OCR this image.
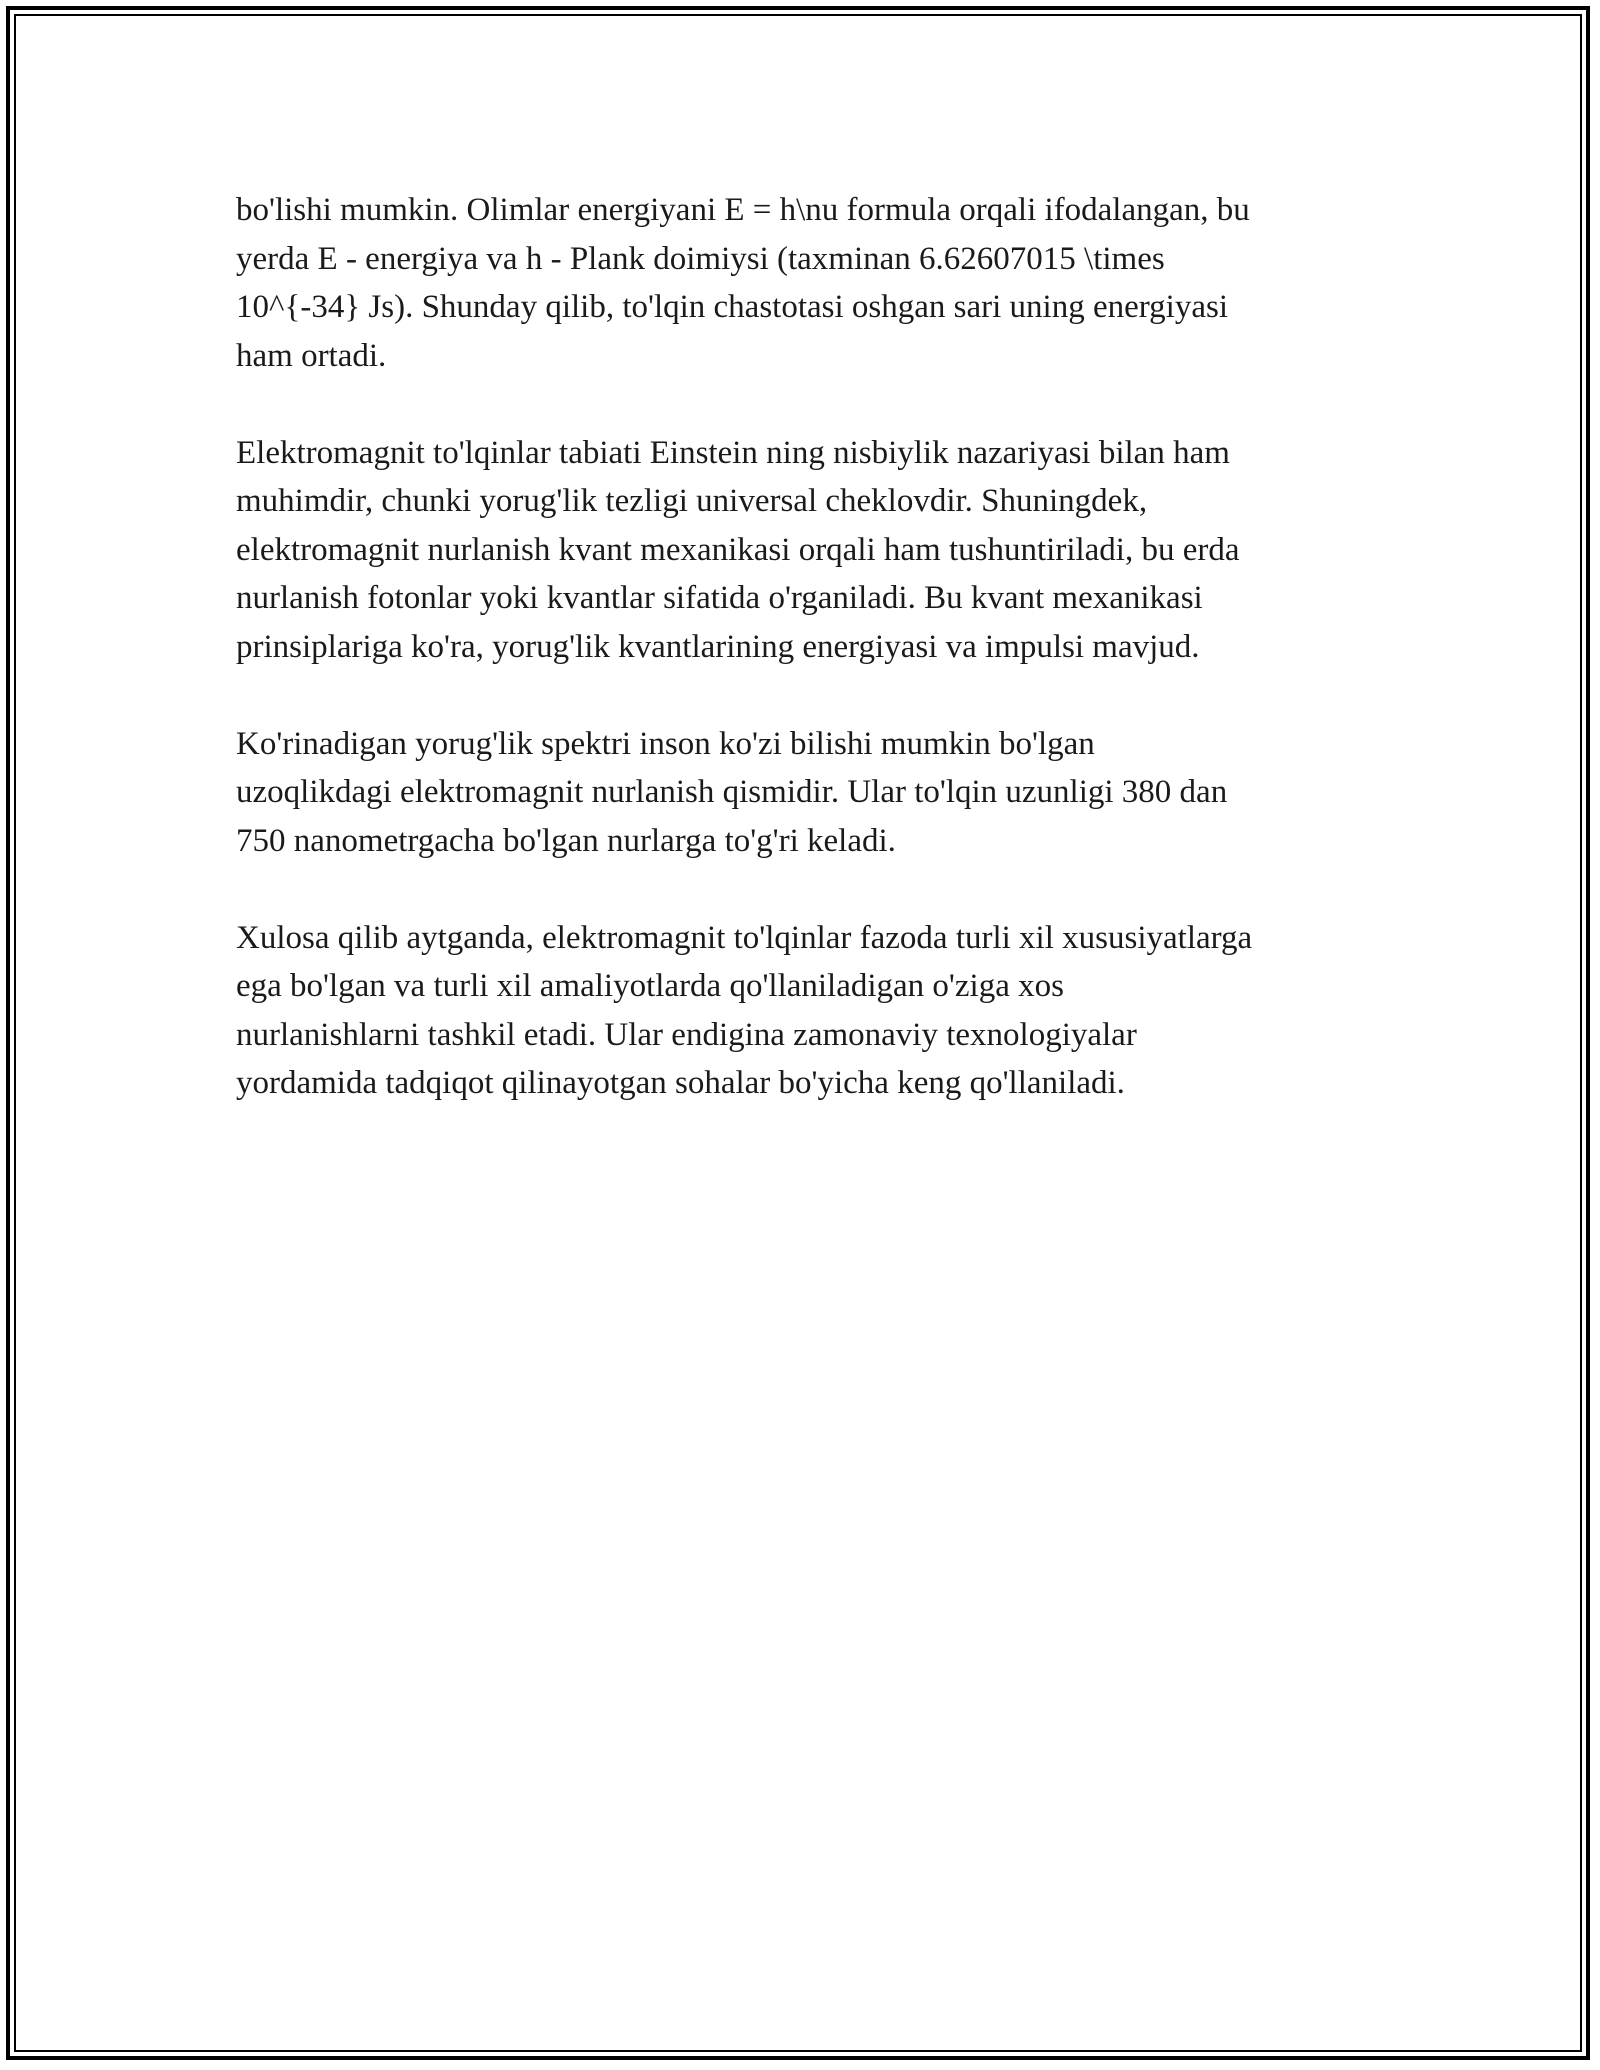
bo'lishi mumkin. Olimlar energiyani E = h\nu formula orqali ifodalangan, bu
yerda E - energiya va h - Plank doimiysi (taxminan 6.62607015 \times
10^{-34} Js). Shunday qilib, to'lqin chastotasi oshgan sari uning energiyasi
ham ortadi.

Elektromagnit to'lqinlar tabiati Einstein ning nisbiylik nazariyasi bilan ham
muhimdir, chunki yorug'lik tezligi universal cheklovdir. Shuningdek,
elektromagnit nurlanish kvant mexanikasi orqali ham tushuntiriladi, bu erda
nurlanish fotonlar yoki kvantlar sifatida o'rganiladi. Bu kvant mexanikasi
prinsiplariga ko'ra, yorug'lik kvantlarining energiyasi va impulsi mavjud.

Ko'rinadigan yorug'lik spektri inson ko'zi bilishi mumkin bo'lgan
uzoqlikdagi elektromagnit nurlanish qismidir. Ular to'lqin uzunligi 380 dan
750 nanometrgacha bo'lgan nurlarga to'g'ri keladi.

Xulosa qilib aytganda, elektromagnit to'lqinlar fazoda turli xil xususiyatlarga
ega bo'lgan va turli xil amaliyotlarda qo'llaniladigan o'ziga xos
nurlanishlarni tashkil etadi. Ular endigina zamonaviy texnologiyalar
yordamida tadqiqot qilinayotgan sohalar bo'yicha keng qo'llaniladi.
